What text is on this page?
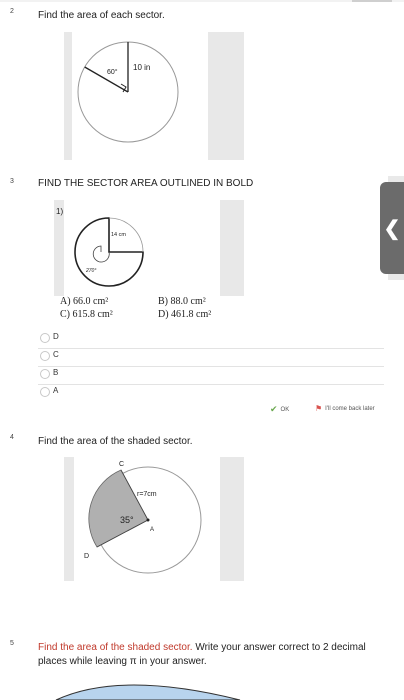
2 Find the area of each sector.
60°
10 in
3 FIND THE SECTOR AREA OUTLINED IN BOLD
1)
14 cm
270°
A) 66.0 cm²	B) 88.0 cm²
C) 615.8 cm²	D) 461.8 cm²
D
C
B
A
✔ OK	⚑ I'll come back later
4 Find the area of the shaded sector.
C
D
A
r=7cm
35°
5 Find the area of the shaded sector. Write your answer correct to 2 decimal places while leaving π in your answer.
❮
